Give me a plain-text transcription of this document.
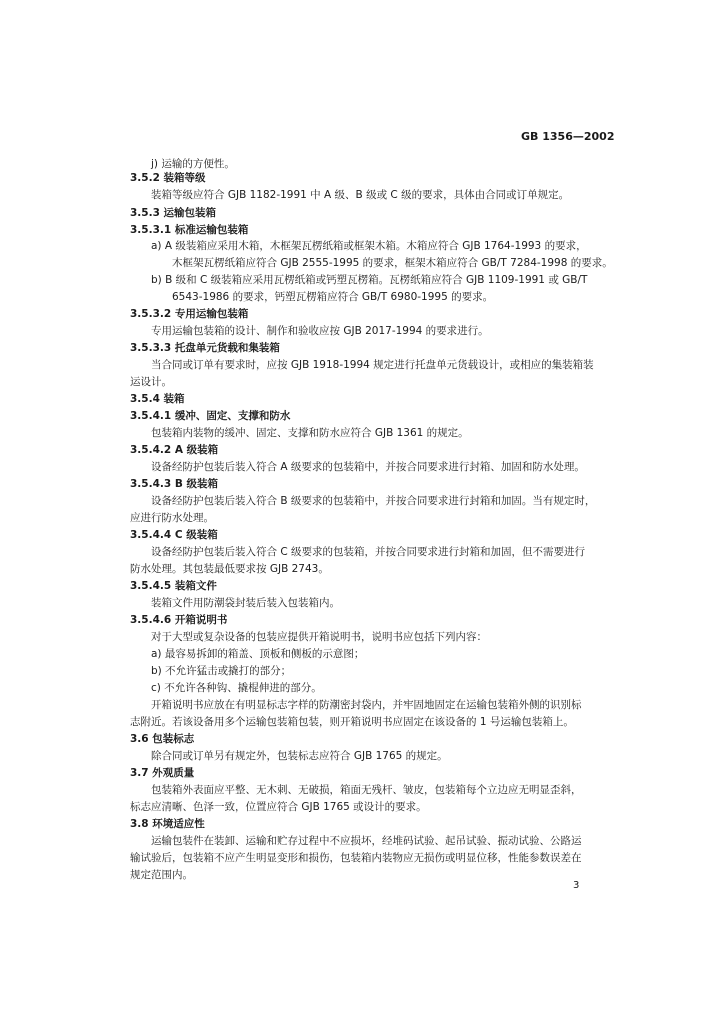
GB 1356—2002
j) 运输的方便性。
3.5.2 装箱等级
装箱等级应符合 GJB 1182-1991 中 A 级、B 级或 C 级的要求，具体由合同或订单规定。
3.5.3 运输包装箱
3.5.3.1 标准运输包装箱
a) A 级装箱应采用木箱，木框架瓦楞纸箱或框架木箱。木箱应符合 GJB 1764-1993 的要求，
木框架瓦楞纸箱应符合 GJB 2555-1995 的要求，框架木箱应符合 GB/T 7284-1998 的要求。
b) B 级和 C 级装箱应采用瓦楞纸箱或钙塑瓦楞箱。瓦楞纸箱应符合 GJB 1109-1991 或 GB/T
6543-1986 的要求，钙塑瓦楞箱应符合 GB/T 6980-1995 的要求。
3.5.3.2 专用运输包装箱
专用运输包装箱的设计、制作和验收应按 GJB 2017-1994 的要求进行。
3.5.3.3 托盘单元货载和集装箱
当合同或订单有要求时，应按 GJB 1918-1994 规定进行托盘单元货载设计，或相应的集装箱装
运设计。
3.5.4 装箱
3.5.4.1 缓冲、固定、支撑和防水
包装箱内装物的缓冲、固定、支撑和防水应符合 GJB 1361 的规定。
3.5.4.2 A 级装箱
设备经防护包装后装入符合 A 级要求的包装箱中，并按合同要求进行封箱、加固和防水处理。
3.5.4.3 B 级装箱
设备经防护包装后装入符合 B 级要求的包装箱中，并按合同要求进行封箱和加固。当有规定时，
应进行防水处理。
3.5.4.4 C 级装箱
设备经防护包装后装入符合 C 级要求的包装箱，并按合同要求进行封箱和加固，但不需要进行
防水处理。其包装最低要求按 GJB 2743。
3.5.4.5 装箱文件
装箱文件用防潮袋封装后装入包装箱内。
3.5.4.6 开箱说明书
对于大型或复杂设备的包装应提供开箱说明书，说明书应包括下列内容：
a) 最容易拆卸的箱盖、顶板和侧板的示意图；
b) 不允许猛击或撬打的部分；
c) 不允许各种钩、撬棍伸进的部分。
开箱说明书应放在有明显标志字样的防潮密封袋内，并牢固地固定在运输包装箱外侧的识别标
志附近。若该设备用多个运输包装箱包装，则开箱说明书应固定在该设备的 1 号运输包装箱上。
3.6 包装标志
除合同或订单另有规定外，包装标志应符合 GJB 1765 的规定。
3.7 外观质量
包装箱外表面应平整、无木刺、无破损，箱面无残杆、皱皮，包装箱每个立边应无明显歪斜，
标志应清晰、色泽一致，位置应符合 GJB 1765 或设计的要求。
3.8 环境适应性
运输包装件在装卸、运输和贮存过程中不应损坏，经堆码试验、起吊试验、振动试验、公路运
输试验后，包装箱不应产生明显变形和损伤，包装箱内装物应无损伤或明显位移，性能参数误差在
规定范围内。
3
